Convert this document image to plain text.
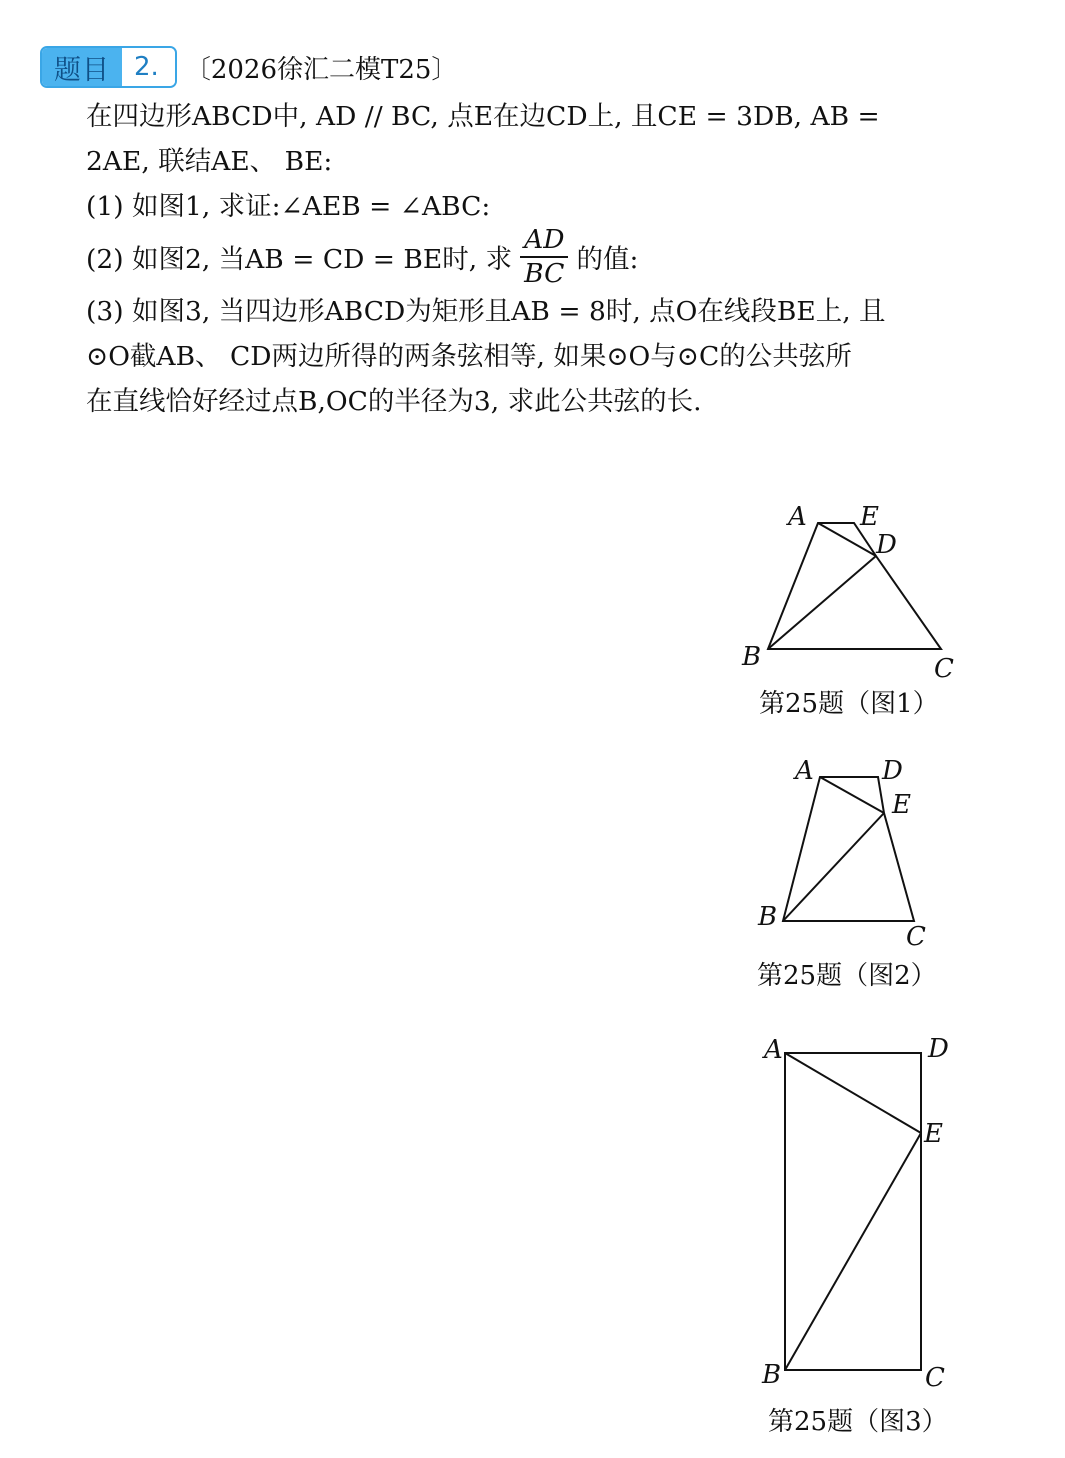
题目 2.	〔2026徐汇二模T25〕
在四边形ABCD中, AD // BC, 点E在边CD上, 且CE = 3DB, AB =
2AE, 联结AE、 BE:
(1) 如图1, 求证:∠AEB = ∠ABC:
(2) 如图2, 当AB = CD = BE时, 求 $\frac{AD}{BC}$ 的值:
(3) 如图3, 当四边形ABCD为矩形且AB = 8时, 点O在线段BE上, 且
⊙O截AB、 CD两边所得的两条弦相等, 如果⊙O与⊙C的公共弦所
在直线恰好经过点B,OC的半径为3, 求此公共弦的长.
A E
D
B	C
第25题（图1）
A	D
E
B
C
第25题（图2）
A	D
E
B	C
第25题（图3）
